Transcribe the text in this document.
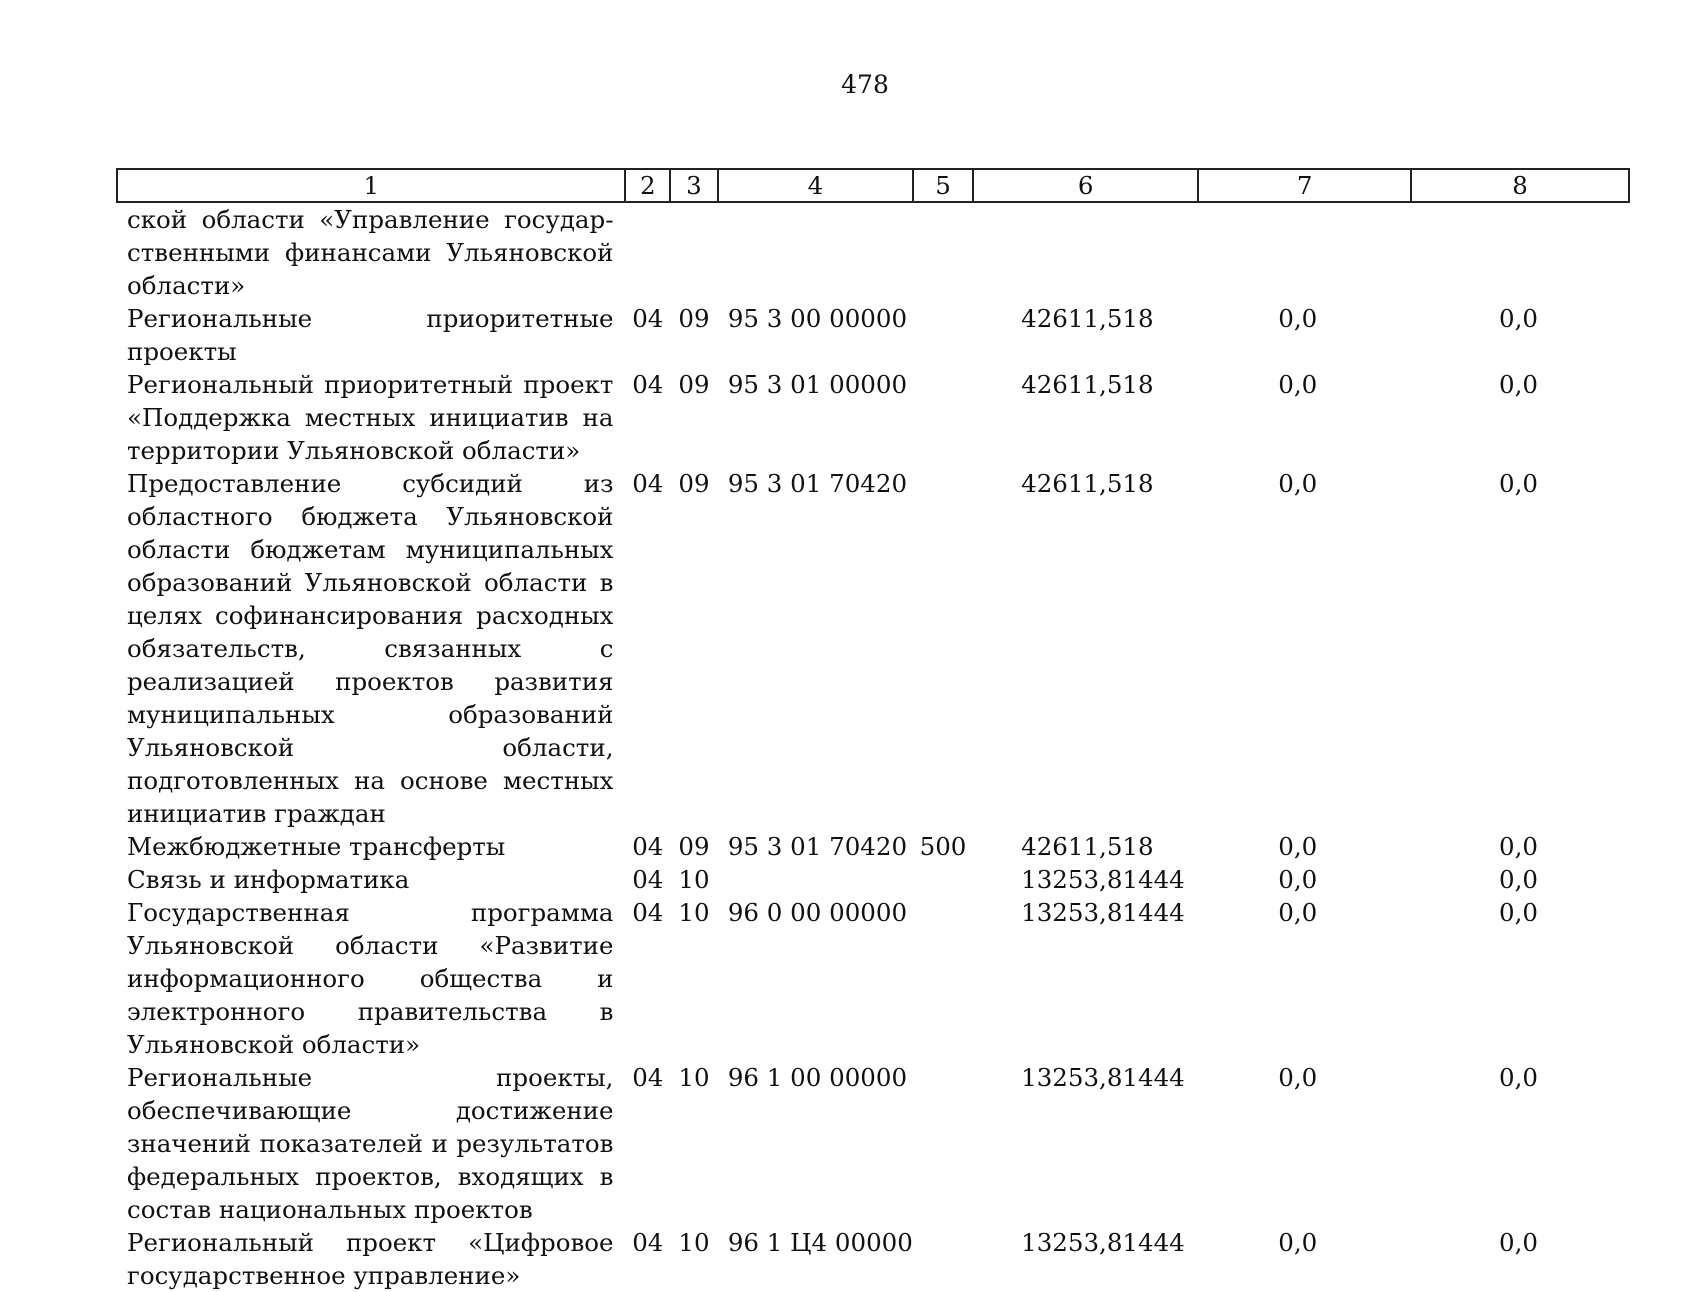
478
1	2	3	4	5	6	7	8
ской области «Управление государственными финансами Ульяновской области»							
Региональные приоритетные проекты	04	09	95 3 00 00000		42611,518	0,0	0,0
Региональный приоритетный проект «Поддержка местных инициатив на территории Ульяновской области»	04	09	95 3 01 00000		42611,518	0,0	0,0
Предоставление субсидий из областного бюджета Ульяновской области бюджетам муниципальных образований Ульяновской области в целях софинансирования расходных обязательств, связанных с реализацией проектов развития муниципальных образований Ульяновской области, подготовленных на основе местных инициатив граждан	04	09	95 3 01 70420		42611,518	0,0	0,0
Межбюджетные трансферты	04	09	95 3 01 70420	500	42611,518	0,0	0,0
Связь и информатика	04	10			13253,81444	0,0	0,0
Государственная программа Ульяновской области «Развитие информационного общества и электронного правительства в Ульяновской области»	04	10	96 0 00 00000		13253,81444	0,0	0,0
Региональные проекты, обеспечивающие достижение значений показателей и результатов федеральных проектов, входящих в состав национальных проектов	04	10	96 1 00 00000		13253,81444	0,0	0,0
Региональный проект «Цифровое государственное управление»	04	10	96 1 Ц4 00000		13253,81444	0,0	0,0
